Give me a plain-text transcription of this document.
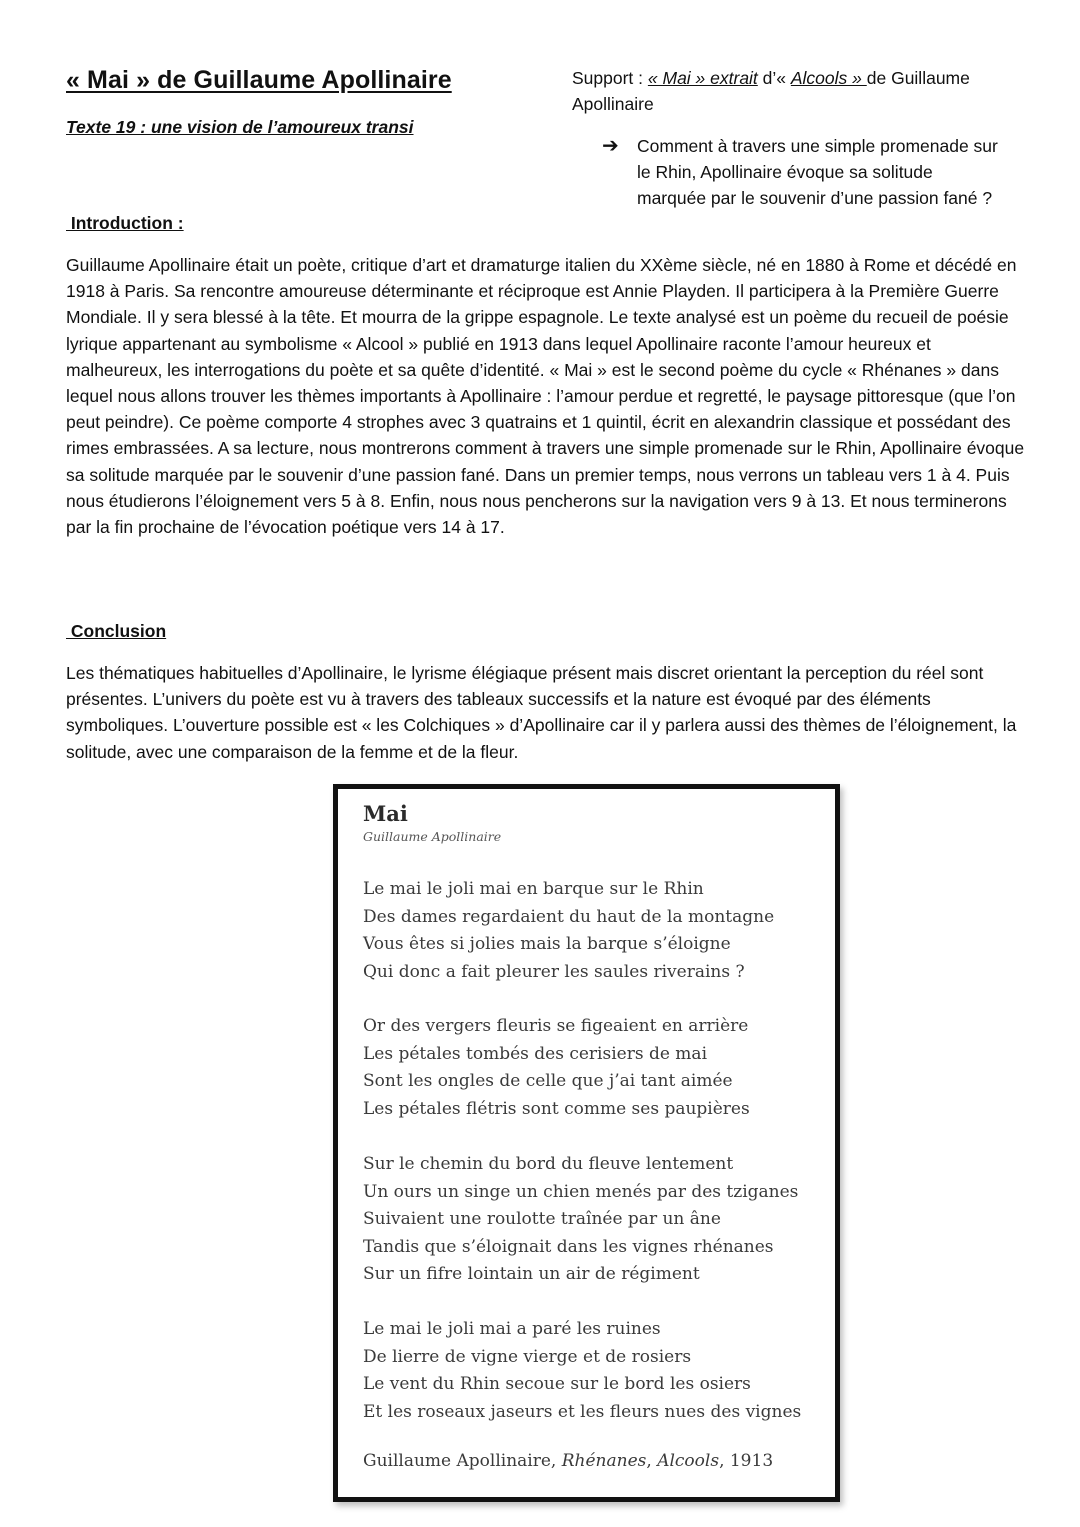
« Mai » de Guillaume Apollinaire
Texte 19 : une vision de l’amoureux transi
Support : « Mai » extrait d’« Alcools » de Guillaume Apollinaire
➔ Comment à travers une simple promenade sur le Rhin, Apollinaire évoque sa solitude marquée par le souvenir d’une passion fané ?
Introduction :

Guillaume Apollinaire était un poète, critique d’art et dramaturge italien du XXème siècle, né en 1880 à Rome et décédé en 1918 à Paris. Sa rencontre amoureuse déterminante et réciproque est Annie Playden. Il participera à la Première Guerre Mondiale. Il y sera blessé à la tête. Et mourra de la grippe espagnole. Le texte analysé est un poème du recueil de poésie lyrique appartenant au symbolisme « Alcool » publié en 1913 dans lequel Apollinaire raconte l’amour heureux et malheureux, les interrogations du poète et sa quête d’identité. « Mai » est le second poème du cycle « Rhénanes » dans lequel nous allons trouver les thèmes importants à Apollinaire : l’amour perdue et regretté, le paysage pittoresque (que l’on peut peindre). Ce poème comporte 4 strophes avec 3 quatrains et 1 quintil, écrit en alexandrin classique et possédant des rimes embrassées. A sa lecture, nous montrerons comment à travers une simple promenade sur le Rhin, Apollinaire évoque sa solitude marquée par le souvenir d’une passion fané. Dans un premier temps, nous verrons un tableau vers 1 à 4. Puis nous étudierons l’éloignement vers 5 à 8. Enfin, nous nous pencherons sur la navigation vers 9 à 13. Et nous terminerons par la fin prochaine de l’évocation poétique vers 14 à 17.

Conclusion

Les thématiques habituelles d’Apollinaire, le lyrisme élégiaque présent mais discret orientant la perception du réel sont présentes. L’univers du poète est vu à travers des tableaux successifs et la nature est évoqué par des éléments symboliques. L’ouverture possible est « les Colchiques » d’Apollinaire car il y parlera aussi des thèmes de l’éloignement, la solitude, avec une comparaison de la femme et de la fleur.

Mai
Guillaume Apollinaire
Le mai le joli mai en barque sur le Rhin
Des dames regardaient du haut de la montagne
Vous êtes si jolies mais la barque s’éloigne
Qui donc a fait pleurer les saules riverains ?
Or des vergers fleuris se figeaient en arrière
Les pétales tombés des cerisiers de mai
Sont les ongles de celle que j’ai tant aimée
Les pétales flétris sont comme ses paupières
Sur le chemin du bord du fleuve lentement
Un ours un singe un chien menés par des tziganes
Suivaient une roulotte traînée par un âne
Tandis que s’éloignait dans les vignes rhénanes
Sur un fifre lointain un air de régiment
Le mai le joli mai a paré les ruines
De lierre de vigne vierge et de rosiers
Le vent du Rhin secoue sur le bord les osiers
Et les roseaux jaseurs et les fleurs nues des vignes
Guillaume Apollinaire, Rhénanes, Alcools, 1913
